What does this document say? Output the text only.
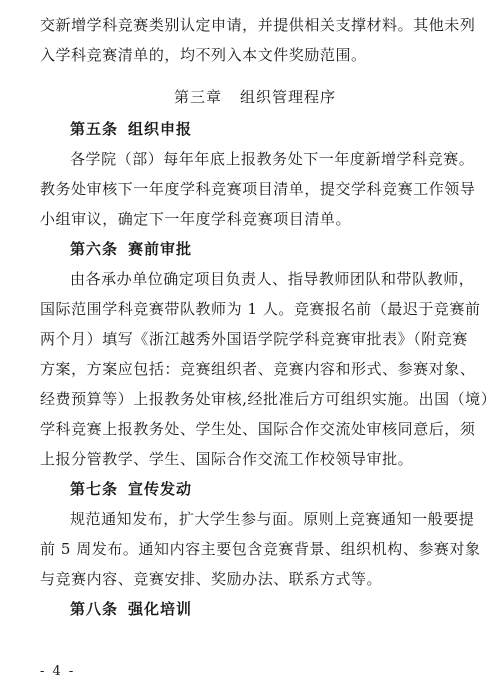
交新增学科竞赛类别认定申请，并提供相关支撑材料。其他未列
入学科竞赛清单的，均不列入本文件奖励范围。
第三章 组织管理程序
第五条 组织申报
各学院（部）每年年底上报教务处下一年度新增学科竞赛。
教务处审核下一年度学科竞赛项目清单，提交学科竞赛工作领导
小组审议，确定下一年度学科竞赛项目清单。
第六条 赛前审批
由各承办单位确定项目负责人、指导教师团队和带队教师，
国际范围学科竞赛带队教师为 1 人。竞赛报名前（最迟于竞赛前
两个月）填写《浙江越秀外国语学院学科竞赛审批表》（附竞赛
方案，方案应包括：竞赛组织者、竞赛内容和形式、参赛对象、
经费预算等）上报教务处审核,经批准后方可组织实施。出国（境）
学科竞赛上报教务处、学生处、国际合作交流处审核同意后，须
上报分管教学、学生、国际合作交流工作校领导审批。
第七条 宣传发动
规范通知发布，扩大学生参与面。原则上竞赛通知一般要提
前 5 周发布。通知内容主要包含竞赛背景、组织机构、参赛对象
与竞赛内容、竞赛安排、奖励办法、联系方式等。
第八条 强化培训
- 4 -
